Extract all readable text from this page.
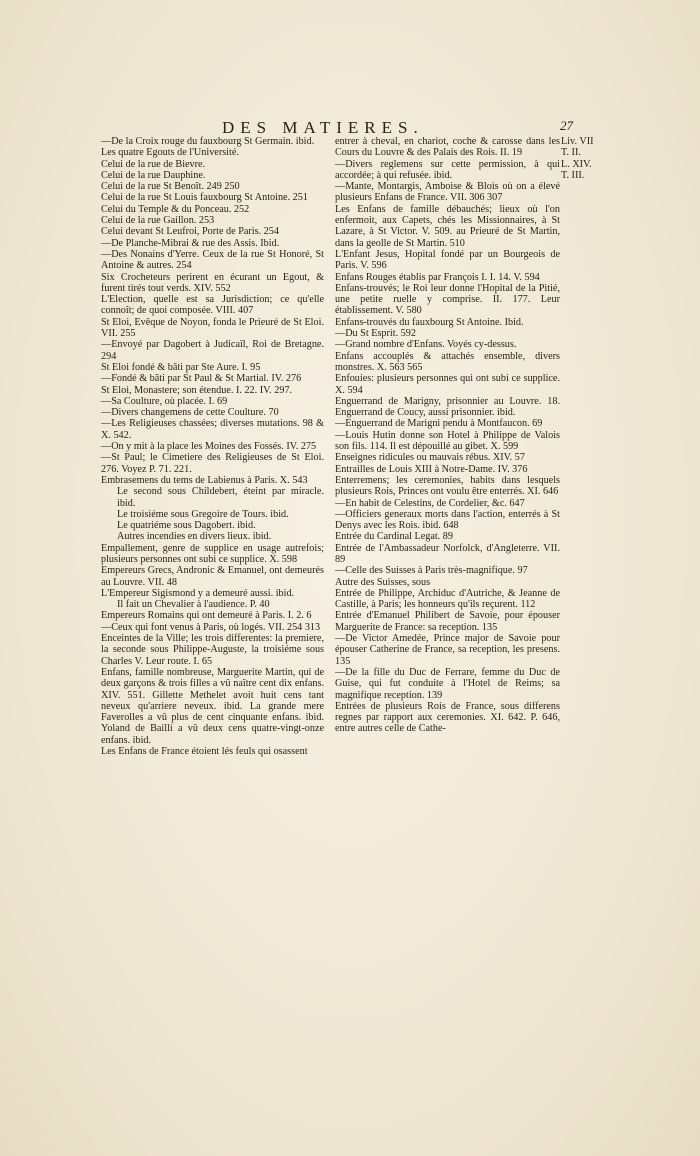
DES MATIERES.	27

—De la Croix rouge du fauxbourg St Germain. ibid.

Les quatre Egouts de l'Université.

Celui de la rue de Bievre.

Celui de la rue Dauphine.

Celui de la rue St Benoît. 249 250

Celui de la rue St Louis fauxbourg St Antoine. 251

Celui du Temple & du Ponceau. 252

Celui de la rue Gaillon. 253

Celui devant St Leufroi, Porte de Paris. 254

—De Planche-Mibrai & rue des Assis. Ibid.

—Des Nonains d'Yerre. Ceux de la rue St Honoré, St Antoine & autres. 254

Six Crocheteurs perirent en écurant un Egout, & furent tirés tout verds. XIV. 552

L'Election, quelle est sa Jurisdiction; ce qu'elle connoît; de quoi composée. VIII. 407

St Eloi, Evêque de Noyon, fonda le Prieuré de St Eloi. VII. 255

—Envoyé par Dagobert à Judicaïl, Roi de Bretagne. 294

St Eloi fondé & bâti par Ste Aure. I. 95

—Fondé & bâti par St Paul & St Martial. IV. 276

St Eloi, Monastere; son étendue. I. 22. IV. 297.

—Sa Coulture, où placée. I. 69

—Divers changemens de cette Coulture. 70

—Les Religieuses chassées; diverses mutations. 98 & X. 542.

—On y mit à la place les Moines des Fossés. IV. 275

—St Paul; le Cimetiere des Religieuses de St Eloi. 276. Voyez P. 71. 221.

Embrasemens du tems de Labienus à Paris. X. 543

Le second sous Childebert, éteint par miracle. ibid.

Le troisiéme sous Gregoire de Tours. ibid.

Le quatriéme sous Dagobert. ibid.

Autres incendies en divers lieux. ibid.

Empallement, genre de supplice en usage autrefois; plusieurs personnes ont subi ce supplice. X. 598

Empereurs Grecs, Andronic & Emanuel, ont demeurés au Louvre. VII. 48

L'Empereur Sigismond y a demeuré aussi. ibid.

Il fait un Chevalier à l'audience. P. 40

Empereurs Romains qui ont demeuré à Paris. I. 2. 6

—Ceux qui font venus à Paris, où logés. VII. 254 313

Enceintes de la Ville; les trois differentes: la premiere, la seconde sous Philippe-Auguste, la troisiéme sous Charles V. Leur route. I. 65

Enfans, famille nombreuse, Marguerite Martin, qui de deux garçons & trois filles a vû naître cent dix enfans. XIV. 551. Gillette Methelet avoit huit cens tant neveux qu'arriere neveux. ibid. La grande mere Faverolles a vû plus de cent cinquante enfans. ibid. Yoland de Bailli a vû deux cens quatre-vingt-onze enfans. ibid.

Les Enfans de France étoient lés feuls qui osassent

entrer à cheval, en chariot, coche & carosse dans les Cours du Louvre & des Palais des Rois. II. 19

—Divers reglemens sur cette permission, à qui accordée; à qui refusée. ibid.

—Mante, Montargis, Amboise & Blois où on a élevé plusieurs Enfans de France. VII. 306 307

Les Enfans de famille débauchés; lieux où l'on enfermoit, aux Capets, chés les Missionnaires, à St Lazare, à St Victor. V. 509. au Prieuré de St Martin, dans la geolle de St Martin. 510

L'Enfant Jesus, Hopital fondé par un Bourgeois de Paris. V. 596

Enfans Rouges établis par François I. I. 14. V. 594

Enfans-trouvés; le Roi leur donne l'Hopital de la Pitié, une petite ruelle y comprise. II. 177. Leur établissement. V. 580

Enfans-trouvés du fauxbourg St Antoine. Ibid.

—Du St Esprit. 592

—Grand nombre d'Enfans. Voyés cy-dessus.

Enfans accouplés & attachés ensemble, divers monstres. X. 563 565

Enfouies: plusieurs personnes qui ont subi ce supplice. X. 594

Enguerrand de Marigny, prisonnier au Louvre. 18. Enguerrand de Coucy, aussi prisonnier. ibid.

—Enguerrand de Marigni pendu à Montfaucon. 69

—Louis Hutin donne son Hotel à Philippe de Valois son fils. 114. Il est dépouillé au gibet. X. 599

Enseignes ridicules ou mauvais rébus. XIV. 57

Entrailles de Louis XIII à Notre-Dame. IV. 376

Enterremens; les ceremonies, habits dans lesquels plusieurs Rois, Princes ont voulu être enterrés. XI. 646

—En habit de Celestins, de Cordelier, &c. 647

—Officiers generaux morts dans l'action, enterrés à St Denys avec les Rois. ibid. 648

Entrée du Cardinal Legat. 89

Entrée de l'Ambassadeur Norfolck, d'Angleterre. VII. 89

—Celle des Suisses à Paris très-magnifique. 97

Autre des Suisses, sous

Entrée de Philippe, Archiduc d'Autriche, & Jeanne de Castille, à Paris; les honneurs qu'ils reçurent. 112

Entrée d'Emanuel Philibert de Savoie, pour épouser Marguerite de France: sa reception. 135

—De Victor Amedée, Prince major de Savoie pour épouser Catherine de France, sa reception, les presens. 135

—De la fille du Duc de Ferrare, femme du Duc de Guise, qui fut conduite à l'Hotel de Reims; sa magnifique reception. 139

Entrées de plusieurs Rois de France, sous differens regnes par rapport aux ceremonies. XI. 642. P. 646, entre autres celle de Cathe-

Liv. VII

T. II.

L. XIV.

T. III.
